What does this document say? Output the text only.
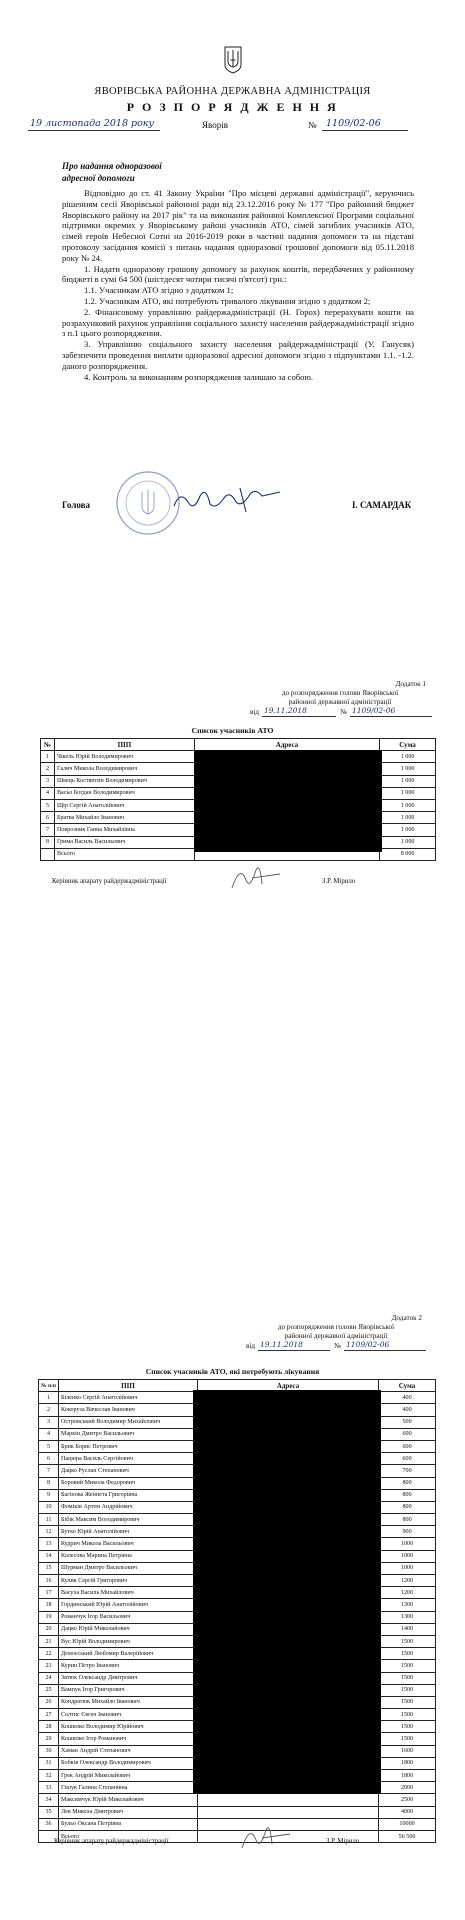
ЯВОРІВСЬКА РАЙОННА ДЕРЖАВНА АДМІНІСТРАЦІЯ
Р О З П О Р Я Д Ж Е Н Н Я
19 листопада 2018 року	Яворів	№ 1109/02-06
Про надання одноразової
адресної допомоги

Відповідно до ст. 41 Закону України "Про місцеві державні адміністрації", керуючись рішенням сесії Яворівської районної ради від 23.12.2016 року № 177 "Про районний бюджет Яворівського району на 2017 рік" та на виконання районної Комплексної Програми соціальної підтримки окремих у Яворівському районі учасників АТО, сімей загиблих учасників АТО, сімей героїв Небесної Сотні на 2016-2019 роки в частині надання допомоги та на підставі протоколу засідання комісії з питань надання одноразової грошової допомоги від 05.11.2018 року № 24.

1. Надати одноразову грошову допомогу за рахунок коштів, передбачених у районному бюджеті в сумі 64 500 (шістдесят чотири тисячі п'ятсот) грн.:

1.1. Учасникам АТО згідно з додатком 1;

1.2. Учасникам АТО, які потребують тривалого лікування згідно з додатком 2;

2. Фінансовому управлінню райдержадміністрації (Н. Горох) перерахувати кошти на розрахунковий рахунок управління соціального захисту населення райдержадміністрації згідно з п.1 цього розпорядження.

3. Управлінню соціального захисту населення райдержадміністрації (У. Ганусяк) забезпечити проведення виплати одноразової адресної допомоги згідно з підпунктами 1.1. -1.2. даного розпорядження.

4. Контроль за виконанням розпорядження залишаю за собою.

Голова	І. САМАРДАК
Додаток 1
до розпорядження голови Яворівської
районної державної адміністрації
від 19.11.2018	№ 1109/02-06
Список учасників АТО
№	ПІП	Адреса	Сума
1	Чікель Юрій Володимирович		1 000
2	Галич Микола Володимирович		1 000
3	Швець Костянтин Володимирович		1 000
4	Васьо Богдан Володимирович		1 000
5	Щір Сергій Анатолійович		1 000
6	Братва Михайло Іванович		1 000
7	Поврозник Ганна Михайлівна		1 000
8	Грима Василь Васильович		1 000
	Всього		8 000
Керівник апарату райдержадміністрації	З.Р. Мірило
Додаток 2
до розпорядження голови Яворівської
районної державної адміністрації
від 19.11.2018	№ 1109/02-06
Список учасників АТО, які потребують лікування
№ п/п	ПІП	Адреса	Сума
1	Біленко Сергій Анатолійович		400
2	Кокоруза Вячеслав Іванович		400
3	Островський Володимир Михайлович		500
4	Маркін Дмитро Васильович		600
5	Брик Борис Петрович		600
6	Пацюра Василь Сергійович		600
7	Дацко Руслан Степанович		700
8	Боровий Микола Федорович		800
9	Багінова Женнета Григорівна		800
10	Фоміків Артем Андрійович		800
11	Бібік Максим Володимирович		800
12	Бутко Юрій Анатолійович		900
13	Кудрич Микола Васильович		1000
14	Колесова Марина Петрівна		1000
15	Шурман Дмитро Васильович		1000
16	Кулик Сергій Григорович		1200
17	Васуха Василь Михайлович		1200
18	Гординський Юрій Анатолійович		1300
19	Романчук Ігор Васильович		1300
20	Дацко Юрій Миколайович		1400
21	Вус Юрій Володимирович		1500
22	Демоєський Любомир Валерійович		1500
23	Курин Петро Іванович		1500
24	Зятюк Олександр Дмитрович		1500
25	Вампук Ігор Григорович		1500
26	Кондратюк Михайло Іванович		1500
27	Солтис Євген Іванович		1500
28	Кошилко Володимир Юрійович		1500
29	Кошилко Ігор Романович		1500
30	Хаман Андрій Степанович		1600
31	Бобків Олександр Володимирович		1800
32	Грек Андрій Миколайович		1800
33	Гішук Галина Степанівна		2000
34	Максимчук Юрій Миколайович		2500
35	Лев Микола Дмитрович		4000
36	Бульо Оксана Петрівна		10000
	Всього		56 500
Керівник апарату райдержадміністрації	З.Р. Мірило
